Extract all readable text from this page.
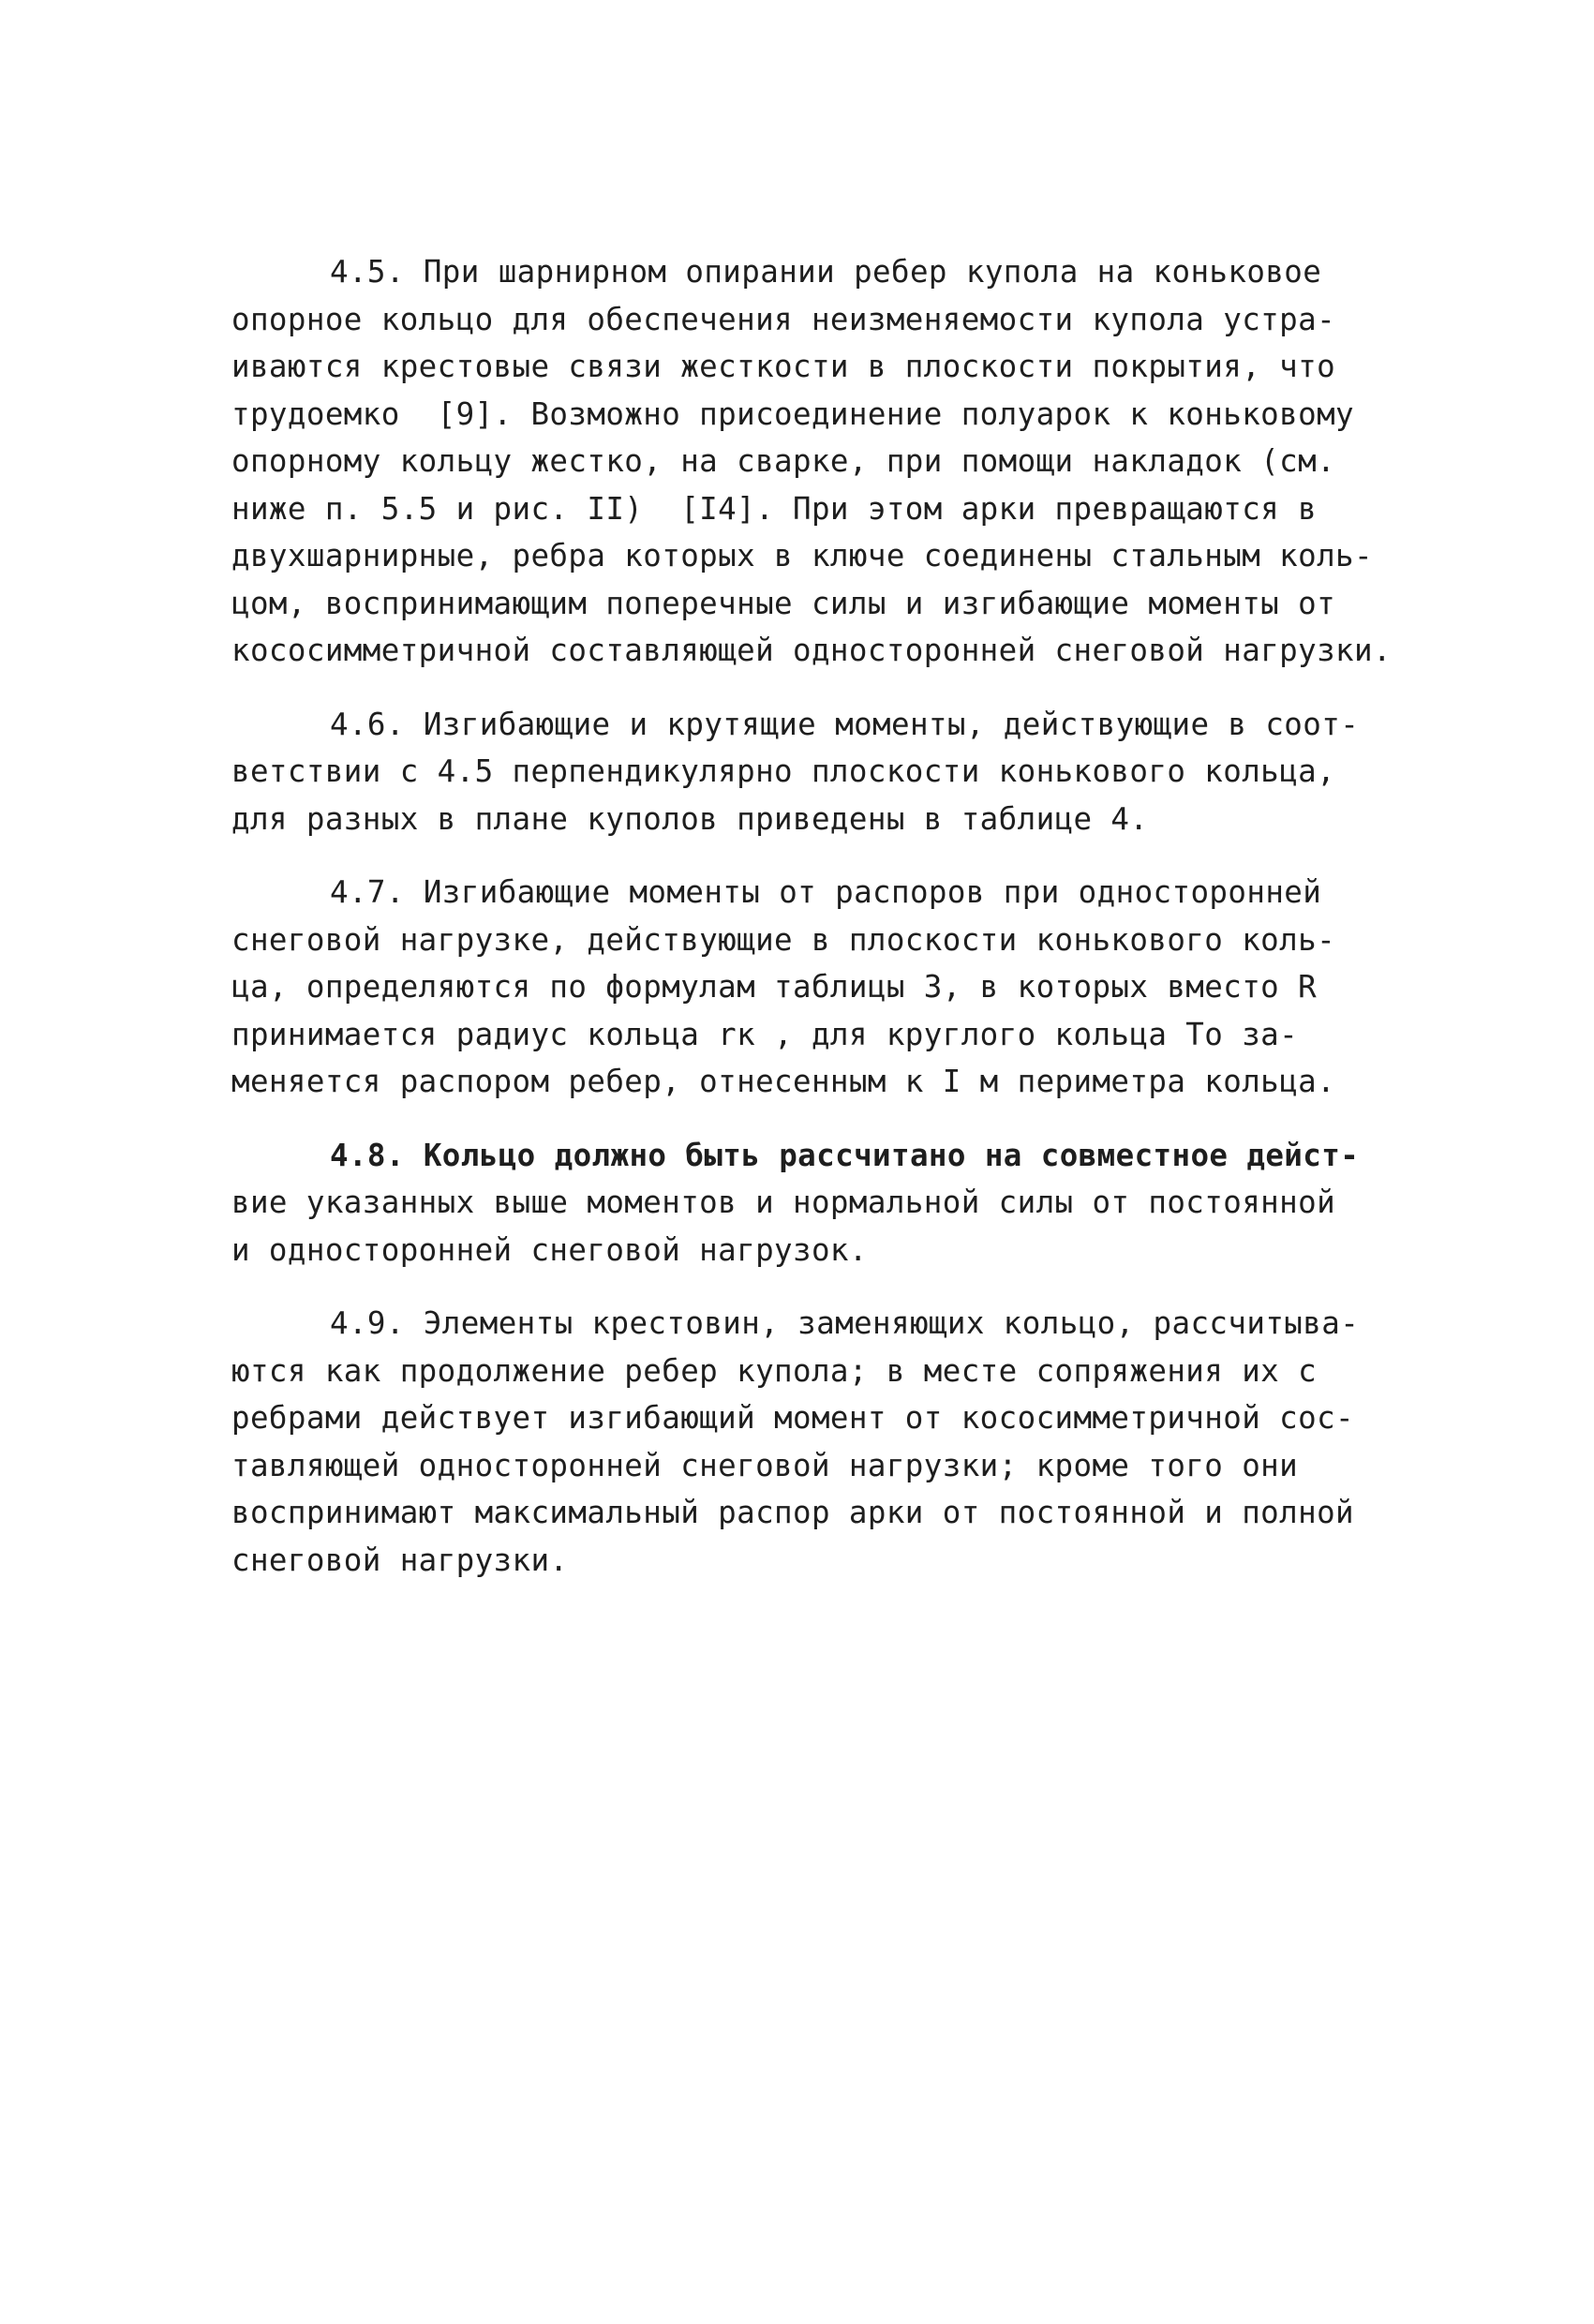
4.5. При шарнирном опирании ребер купола на коньковое
опорное кольцо для обеспечения неизменяемости купола устра-
иваются крестовые связи жесткости в плоскости покрытия, что
трудоемко  [9]. Возможно присоединение полуарок к коньковому
опорному кольцу жестко, на сварке, при помощи накладок (см.
ниже п. 5.5 и рис. II)  [I4]. При этом арки превращаются в
двухшарнирные, ребра которых в ключе соединены стальным коль-
цом, воспринимающим поперечные силы и изгибающие моменты от
кососимметричной составляющей односторонней снеговой нагрузки.
4.6. Изгибающие и крутящие моменты, действующие в соот-
ветствии с 4.5 перпендикулярно плоскости конькового кольца,
для разных в плане куполов приведены в таблице 4.
4.7. Изгибающие моменты от распоров при односторонней
снеговой нагрузке, действующие в плоскости конькового коль-
ца, определяются по формулам таблицы 3, в которых вместо R
принимается радиус кольца rк , для круглого кольца Tо за-
меняется распором ребер, отнесенным к I м периметра кольца.
4.8. Кольцо должно быть рассчитано на совместное дейст-
вие указанных выше моментов и нормальной силы от постоянной
и односторонней снеговой нагрузок.
4.9. Элементы крестовин, заменяющих кольцо, рассчитыва-
ются как продолжение ребер купола; в месте сопряжения их с
ребрами действует изгибающий момент от кососимметричной сос-
тавляющей односторонней снеговой нагрузки; кроме того они
воспринимают максимальный распор арки от постоянной и полной
снеговой нагрузки.
